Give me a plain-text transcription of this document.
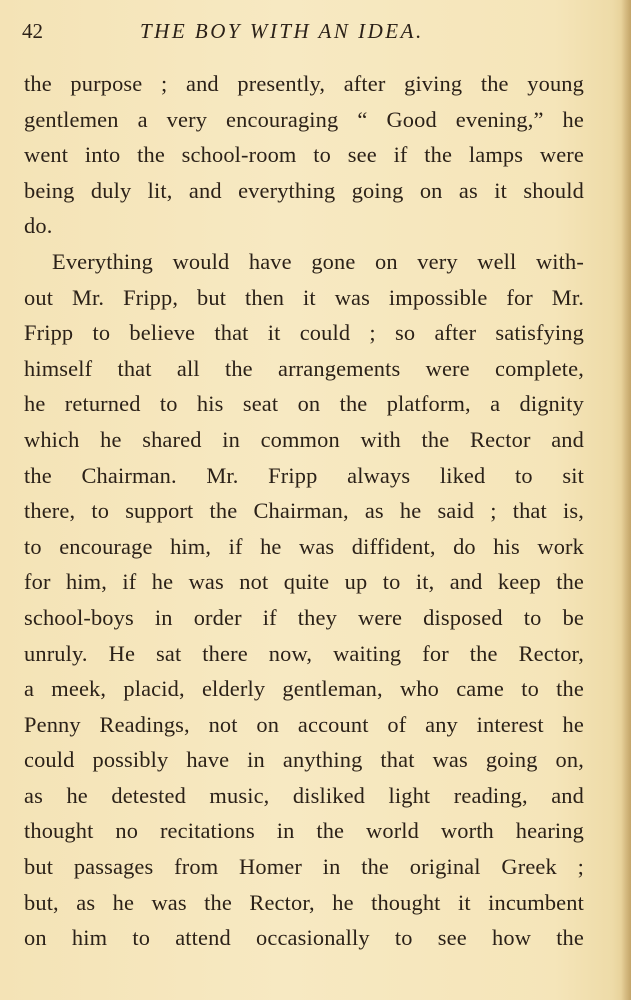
42	THE BOY WITH AN IDEA.
the purpose ; and presently, after giving the young
gentlemen a very encouraging “ Good evening,” he
went into the school-room to see if the lamps were
being duly lit, and everything going on as it should
do.
Everything would have gone on very well with-
out Mr. Fripp, but then it was impossible for Mr.
Fripp to believe that it could ; so after satisfying
himself that all the arrangements were complete,
he returned to his seat on the platform, a dignity
which he shared in common with the Rector and
the Chairman. Mr. Fripp always liked to sit
there, to support the Chairman, as he said ; that is,
to encourage him, if he was diffident, do his work
for him, if he was not quite up to it, and keep the
school-boys in order if they were disposed to be
unruly. He sat there now, waiting for the Rector,
a meek, placid, elderly gentleman, who came to the
Penny Readings, not on account of any interest he
could possibly have in anything that was going on,
as he detested music, disliked light reading, and
thought no recitations in the world worth hearing
but passages from Homer in the original Greek ;
but, as he was the Rector, he thought it incumbent
on him to attend occasionally to see how the
